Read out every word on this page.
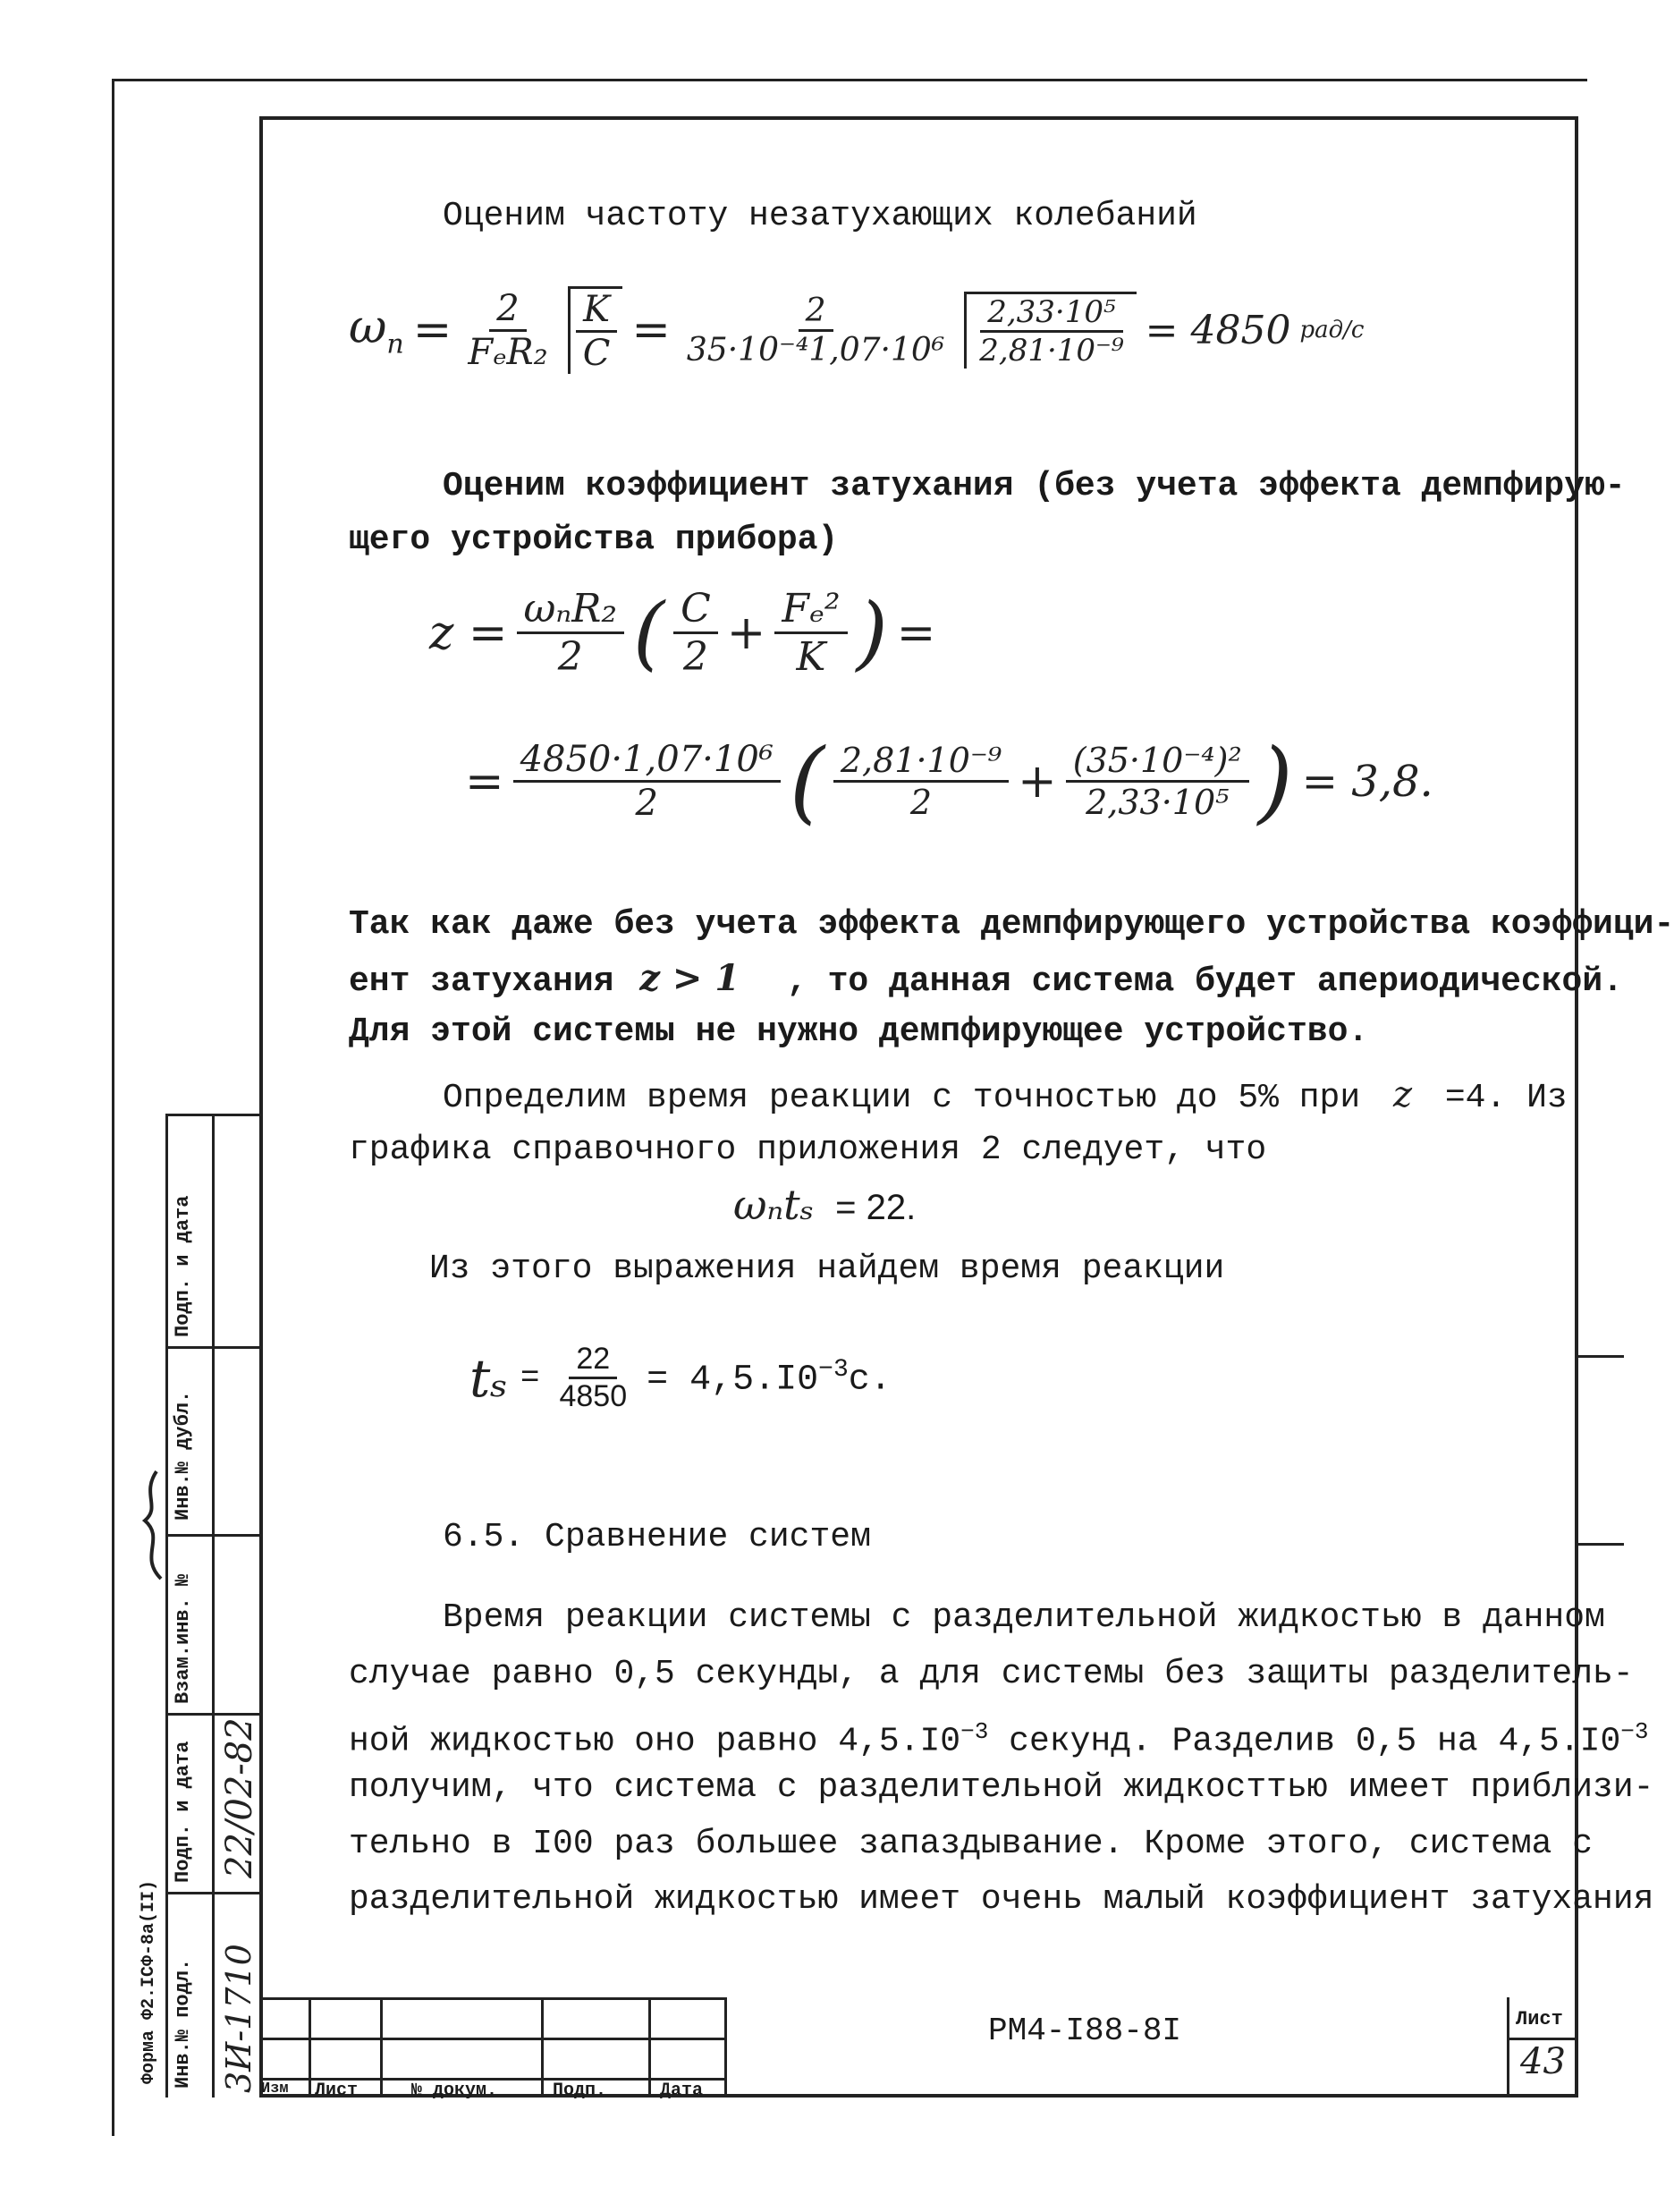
Оценим частоту незатухающих колебаний
$\omega_n = \frac{2}{\text{FₑR₂}} \frac{K}{C} = \frac{2}{\text{35·10⁻⁴1,07·10⁶}} \frac{\text{2,33·10⁵}}{\text{2,81·10⁻⁹}} = 4850$ рад/с
Оценим коэффициент затухания (без учета эффекта демпфирую-
щего устройства прибора)
$z = \frac{\text{ωₙR₂}}{2}$ ( $\frac{C}{2} + \frac{\text{Fₑ²}}{K}$ ) =
= $\frac{\text{4850·1,07·10⁶}}{2}$ ( $\frac{\text{2,81·10⁻⁹}}{2} + \frac{\text{(35·10⁻⁴)²}}{\text{2,33·10⁵}}$ ) = 3,8.
Так как даже без учета эффекта демпфирующего устройства коэффици-
ент затухания z > 1 , то данная система будет апериодической.
Для этой системы не нужно демпфирующее устройство.
Определим время реакции с точностью до 5% при z =4. Из
графика справочного приложения 2 следует, что
ωₙtₛ = 22.
Из этого выражения найдем время реакции
$t_s = \frac{22}{4850} = 4,5.I0^{-3}c$.
6.5. Сравнение систем
Время реакции системы с разделительной жидкостью в данном
случае равно 0,5 секунды, а для системы без защиты разделитель-
ной жидкостью оно равно $4,5.I0^{-3}$ секунд. Разделив 0,5 на $4,5.I0^{-3}$
получим, что система с разделительной жидкосттью имеет приблизи-
тельно в I00 раз большее запаздывание. Кроме этого, система с
разделительной жидкостью имеет очень малый коэффициент затухания
Изм Лист	№ докум.	Подп.	Дата
РМ4-I88-8I	Лист
43
Подп. и дата
Инв.№ дубл.
Взам.инв. №
Подп. и дата
Инв.№ подл.
Форма Ф2.ICФ-8а(II)
22/02-82
3И-1710
